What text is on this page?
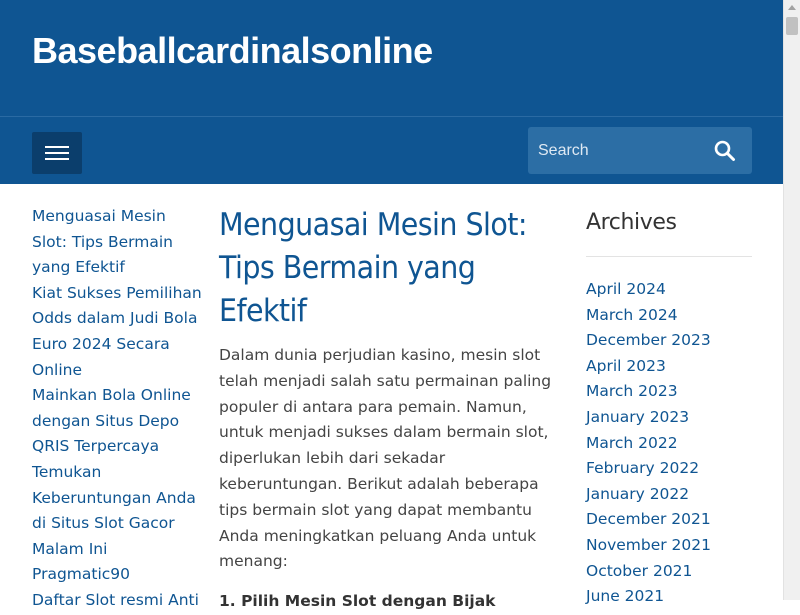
Baseballcardinalsonline
Search
Menguasai Mesin Slot: Tips Bermain yang Efektif
Kiat Sukses Pemilihan Odds dalam Judi Bola Euro 2024 Secara Online
Mainkan Bola Online dengan Situs Depo QRIS Terpercaya
Temukan Keberuntungan Anda di Situs Slot Gacor Malam Ini Pragmatic90
Daftar Slot resmi Anti
Menguasai Mesin Slot: Tips Bermain yang Efektif

Dalam dunia perjudian kasino, mesin slot telah menjadi salah satu permainan paling populer di antara para pemain. Namun, untuk menjadi sukses dalam bermain slot, diperlukan lebih dari sekadar keberuntungan. Berikut adalah beberapa tips bermain slot yang dapat membantu Anda meningkatkan peluang Anda untuk menang:

1. Pilih Mesin Slot dengan Bijak
Archives
April 2024
March 2024
December 2023
April 2023
March 2023
January 2023
March 2022
February 2022
January 2022
December 2021
November 2021
October 2021
June 2021
